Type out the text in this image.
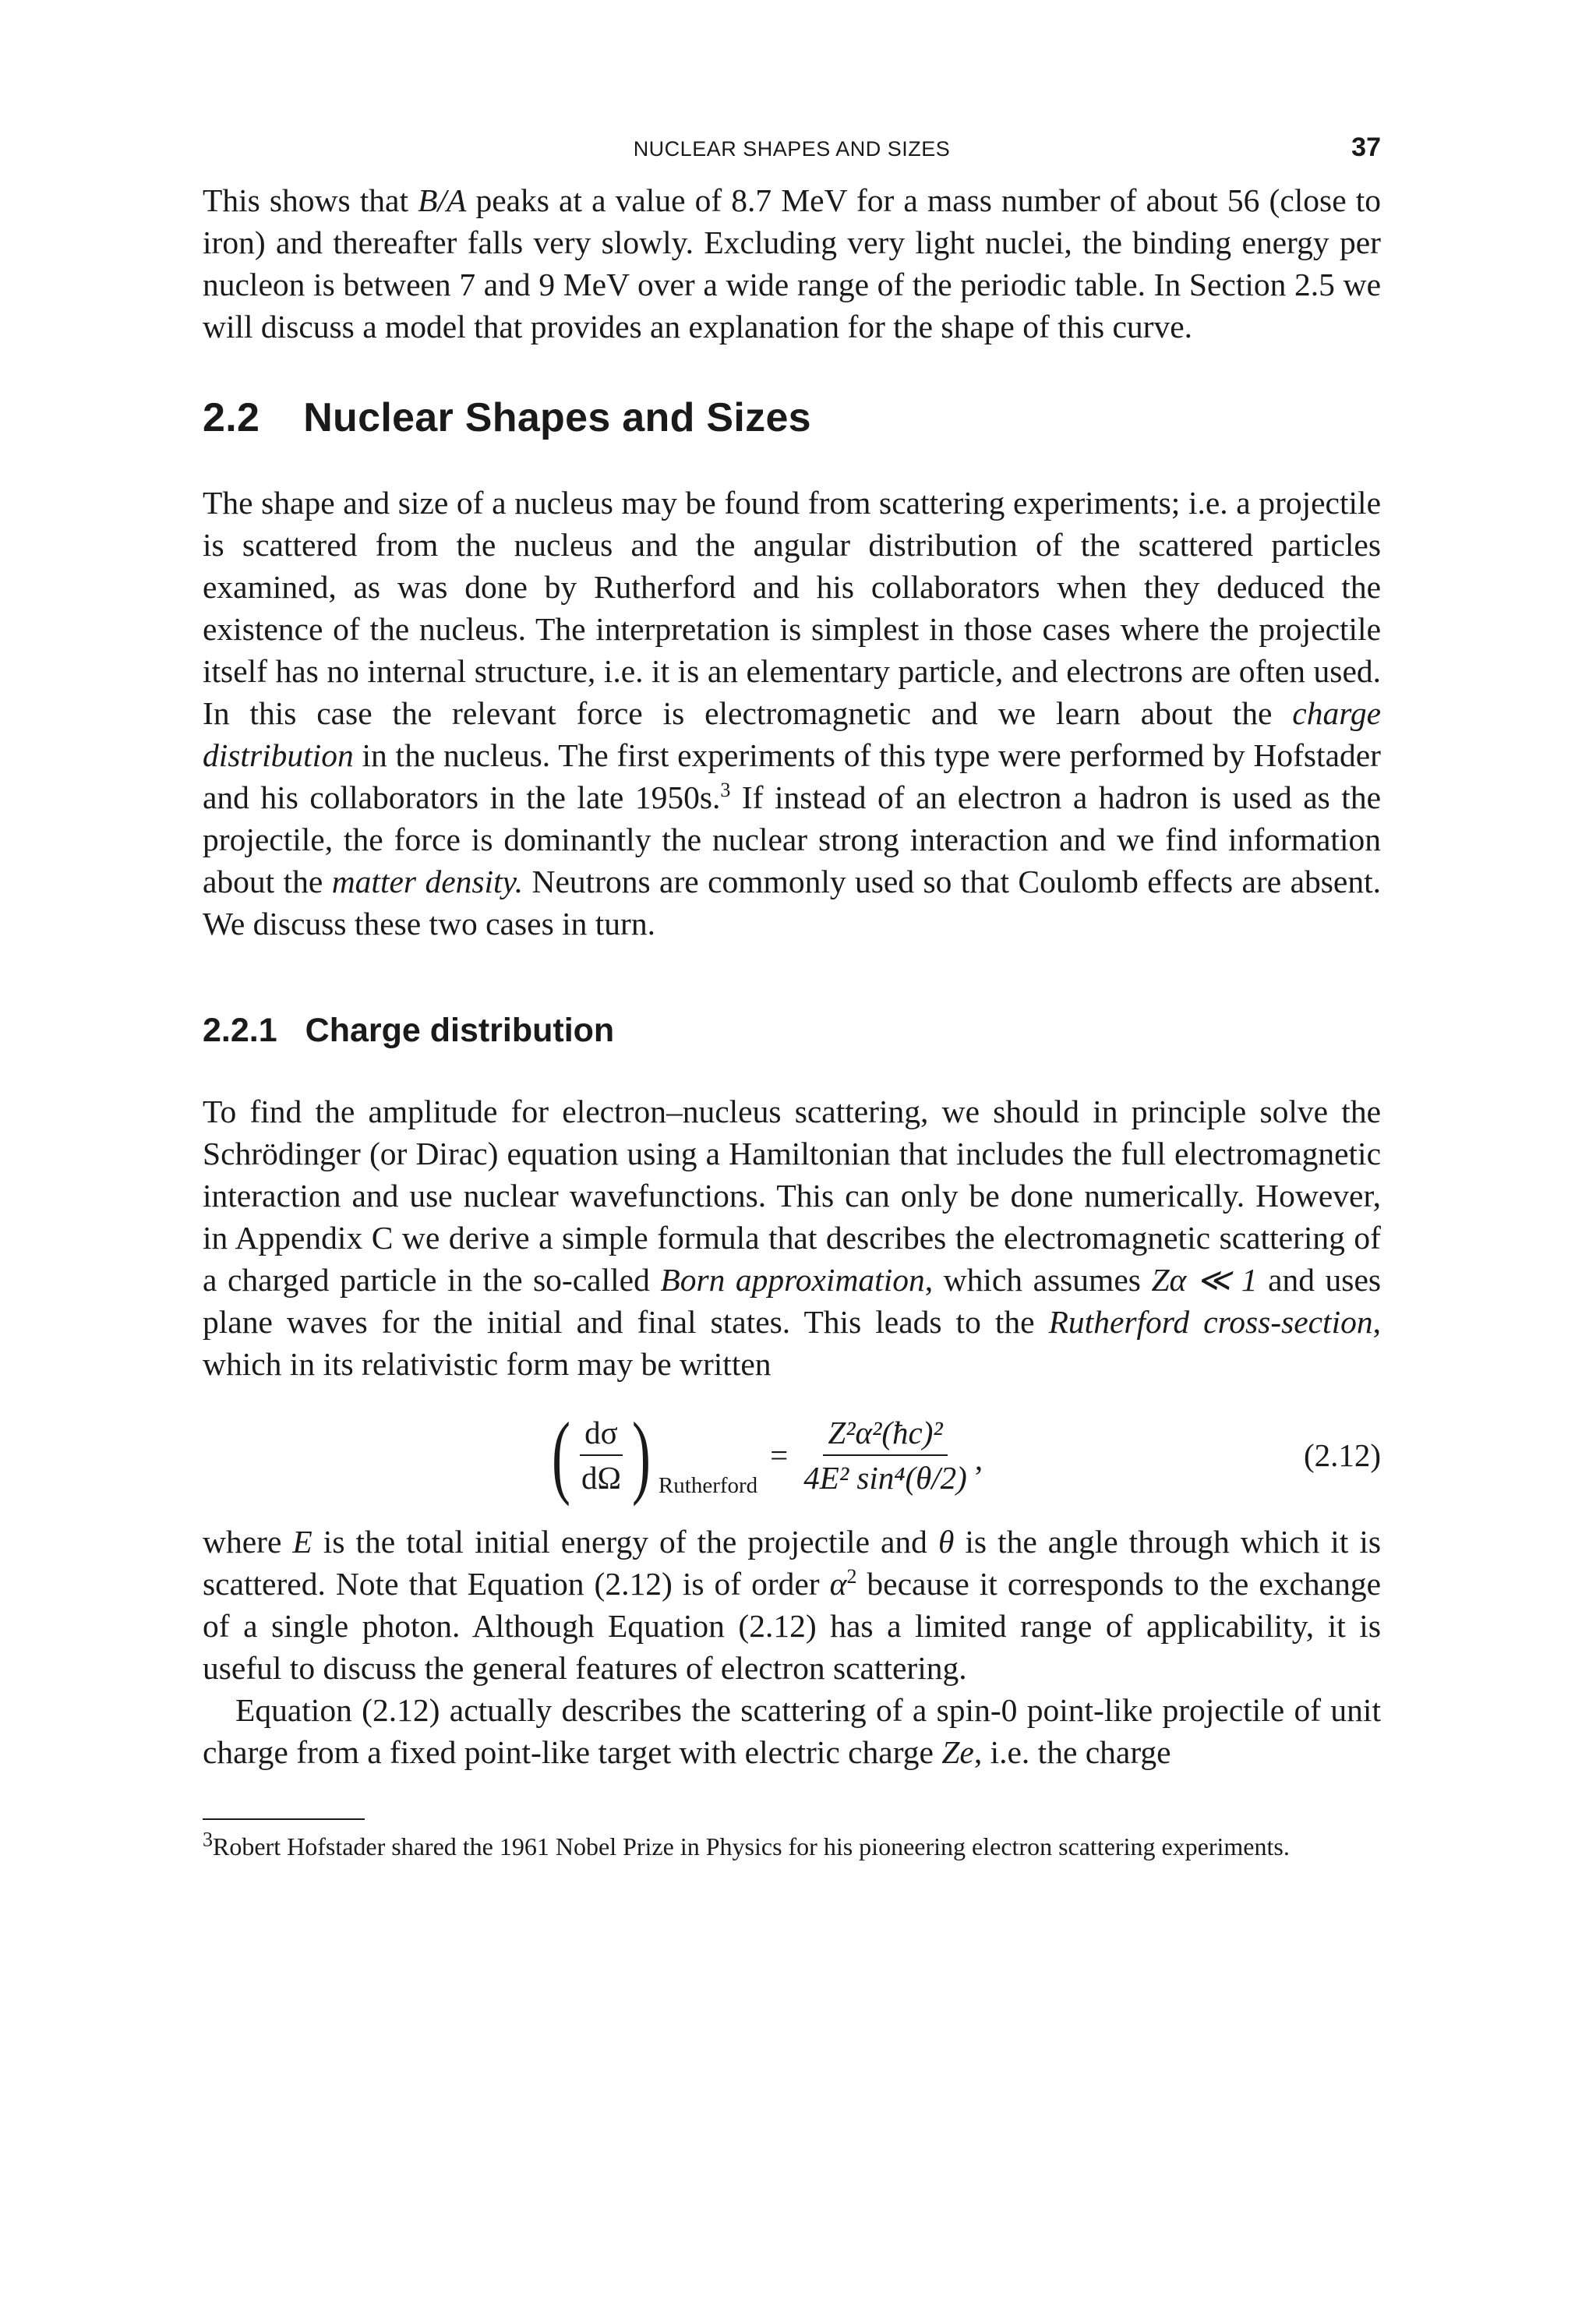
NUCLEAR SHAPES AND SIZES	37

This shows that B/A peaks at a value of 8.7 MeV for a mass number of about 56 (close to iron) and thereafter falls very slowly. Excluding very light nuclei, the binding energy per nucleon is between 7 and 9 MeV over a wide range of the periodic table. In Section 2.5 we will discuss a model that provides an explanation for the shape of this curve.

2.2 Nuclear Shapes and Sizes

The shape and size of a nucleus may be found from scattering experiments; i.e. a projectile is scattered from the nucleus and the angular distribution of the scattered particles examined, as was done by Rutherford and his collaborators when they deduced the existence of the nucleus. The interpretation is simplest in those cases where the projectile itself has no internal structure, i.e. it is an elementary particle, and electrons are often used. In this case the relevant force is electromagnetic and we learn about the charge distribution in the nucleus. The first experiments of this type were performed by Hofstader and his collaborators in the late 1950s.$^3$ If instead of an electron a hadron is used as the projectile, the force is dominantly the nuclear strong interaction and we find information about the matter density. Neutrons are commonly used so that Coulomb effects are absent. We discuss these two cases in turn.

2.2.1 Charge distribution

To find the amplitude for electron–nucleus scattering, we should in principle solve the Schrödinger (or Dirac) equation using a Hamiltonian that includes the full electromagnetic interaction and use nuclear wavefunctions. This can only be done numerically. However, in Appendix C we derive a simple formula that describes the electromagnetic scattering of a charged particle in the so-called Born approximation, which assumes Zα ≪ 1 and uses plane waves for the initial and final states. This leads to the Rutherford cross-section, which in its relativistic form may be written

( $\frac{d\sigma}{d\Omega}$ ) Rutherford
= $\frac{\text{Z²α²(ħc)²}}{\text{4E² sin⁴(θ/2)}}$ ,	(2.12)

where E is the total initial energy of the projectile and θ is the angle through which it is scattered. Note that Equation (2.12) is of order $\alpha^2$ because it corresponds to the exchange of a single photon. Although Equation (2.12) has a limited range of applicability, it is useful to discuss the general features of electron scattering.

Equation (2.12) actually describes the scattering of a spin-0 point-like projectile of unit charge from a fixed point-like target with electric charge Ze, i.e. the charge

$^3$Robert Hofstader shared the 1961 Nobel Prize in Physics for his pioneering electron scattering experiments.
